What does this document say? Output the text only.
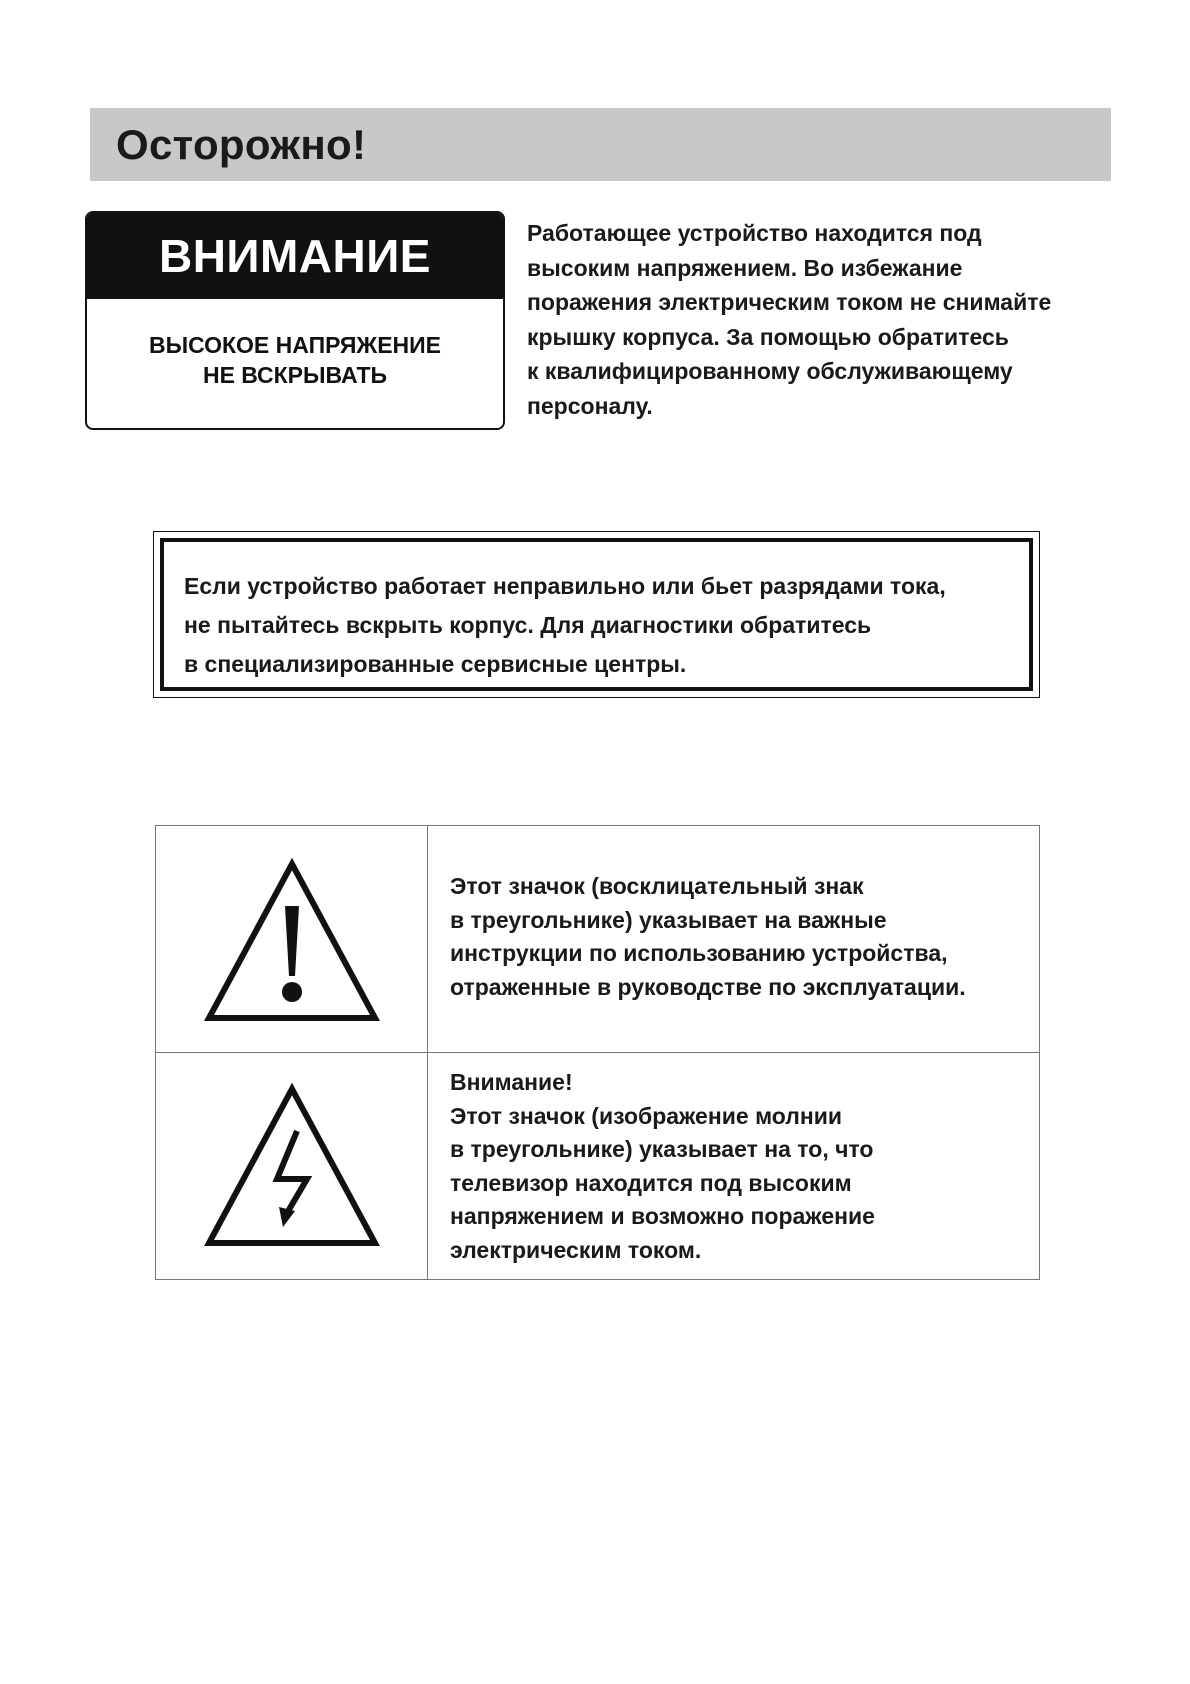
Осторожно!
ВНИМАНИЕ
ВЫСОКОЕ НАПРЯЖЕНИЕ
НЕ ВСКРЫВАТЬ

Работающее устройство находится под
высоким напряжением. Во избежание
поражения электрическим током не снимайте
крышку корпуса. За помощью обратитесь
к квалифицированному обслуживающему
персоналу.

Если устройство работает неправильно или бьет разрядами тока,
не пытайтесь вскрыть корпус. Для диагностики обратитесь
в специализированные сервисные центры.

Этот значок (восклицательный знак
в треугольнике) указывает на важные
инструкции по использованию устройства,
отраженные в руководстве по эксплуатации.

Внимание!
Этот значок (изображение молнии
в треугольнике) указывает на то, что
телевизор находится под высоким
напряжением и возможно поражение
электрическим током.
